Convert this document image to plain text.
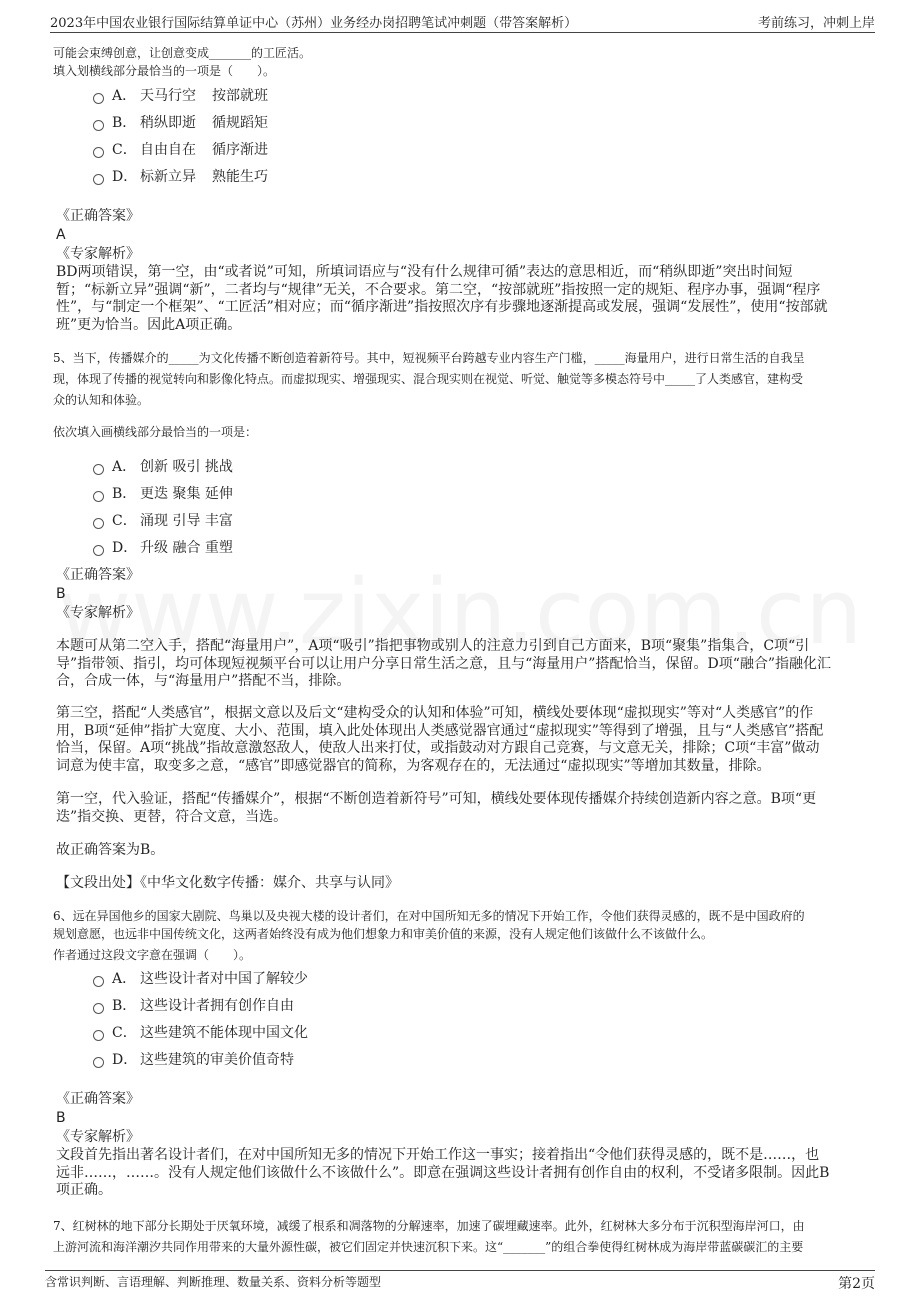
2023年中国农业银行国际结算单证中心（苏州）业务经办岗招聘笔试冲刺题（带答案解析）	考前练习，冲刺上岸
可能会束缚创意，让创意变成_______的工匠活。
填入划横线部分最恰当的一项是（　　）。
A． 天马行空 按部就班
B． 稍纵即逝 循规蹈矩
C． 自由自在 循序渐进
D． 标新立异 熟能生巧
《正确答案》
A
《专家解析》
BD两项错误，第一空，由“或者说”可知，所填词语应与“没有什么规律可循”表达的意思相近，而“稍纵即逝”突出时间短
暂；“标新立异”强调“新”，二者均与“规律”无关，不合要求。第二空，“按部就班”指按照一定的规矩、程序办事，强调“程序
性”，与“制定一个框架”、“工匠活”相对应；而“循序渐进”指按照次序有步骤地逐渐提高或发展，强调“发展性”，使用“按部就
班”更为恰当。因此A项正确。
5、当下，传播媒介的_____为文化传播不断创造着新符号。其中，短视频平台跨越专业内容生产门槛，_____海量用户，进行日常生活的自我呈
现，体现了传播的视觉转向和影像化特点。而虚拟现实、增强现实、混合现实则在视觉、听觉、触觉等多模态符号中_____了人类感官，建构受
众的认知和体验。
依次填入画横线部分最恰当的一项是：
A． 创新 吸引 挑战
B． 更迭 聚集 延伸
C． 涌现 引导 丰富
D． 升级 融合 重塑
《正确答案》
B
《专家解析》
本题可从第二空入手，搭配“海量用户”，A项“吸引”指把事物或别人的注意力引到自己方面来，B项“聚集”指集合，C项“引
导”指带领、指引，均可体现短视频平台可以让用户分享日常生活之意，且与“海量用户”搭配恰当，保留。D项“融合”指融化汇
合，合成一体，与“海量用户”搭配不当，排除。
第三空，搭配“人类感官”，根据文意以及后文“建构受众的认知和体验”可知，横线处要体现“虚拟现实”等对“人类感官”的作
用，B项“延伸”指扩大宽度、大小、范围，填入此处体现出人类感觉器官通过“虚拟现实”等得到了增强，且与“人类感官”搭配
恰当，保留。A项“挑战”指故意激怒敌人，使敌人出来打仗，或指鼓动对方跟自己竞赛，与文意无关，排除；C项“丰富”做动
词意为使丰富，取变多之意，“感官”即感觉器官的简称，为客观存在的，无法通过“虚拟现实”等增加其数量，排除。
第一空，代入验证，搭配“传播媒介”，根据“不断创造着新符号”可知，横线处要体现传播媒介持续创造新内容之意。B项“更
迭”指交换、更替，符合文意，当选。
故正确答案为B。
【文段出处】《中华文化数字传播：媒介、共享与认同》
6、远在异国他乡的国家大剧院、鸟巢以及央视大楼的设计者们，在对中国所知无多的情况下开始工作，令他们获得灵感的，既不是中国政府的
规划意愿，也远非中国传统文化，这两者始终没有成为他们想象力和审美价值的来源，没有人规定他们该做什么不该做什么。
作者通过这段文字意在强调（　　）。
A． 这些设计者对中国了解较少
B． 这些设计者拥有创作自由
C． 这些建筑不能体现中国文化
D． 这些建筑的审美价值奇特
《正确答案》
B
《专家解析》
文段首先指出著名设计者们，在对中国所知无多的情况下开始工作这一事实；接着指出“令他们获得灵感的，既不是……，也
远非……，……。没有人规定他们该做什么不该做什么”。即意在强调这些设计者拥有创作自由的权利，不受诸多限制。因此B
项正确。
7、红树林的地下部分长期处于厌氧环境，减缓了根系和凋落物的分解速率，加速了碳埋藏速率。此外，红树林大多分布于沉积型海岸河口，由
上游河流和海洋潮汐共同作用带来的大量外源性碳，被它们固定并快速沉积下来。这“_______”的组合拳使得红树林成为海岸带蓝碳碳汇的主要
含常识判断、言语理解、判断推理、数量关系、资料分析等题型	第2页
